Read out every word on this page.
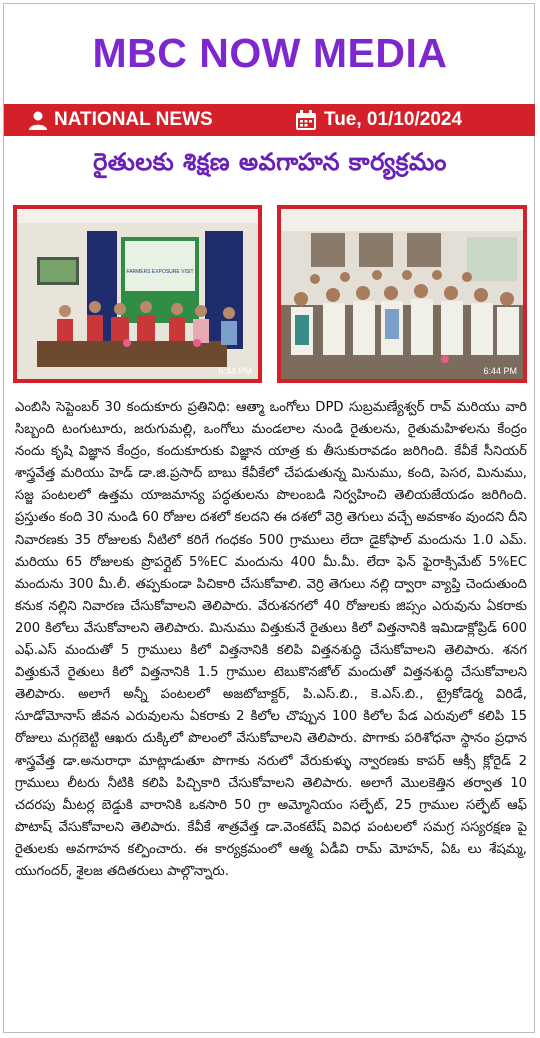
MBC NOW MEDIA
NATIONAL NEWS	Tue, 01/10/2024
రైతులకు శిక్షణ అవగాహన కార్యక్రమం
FARMERS EXPOSURE VISIT
6:44 PM	6:44 PM

ఎంబిసి సెప్టెంబర్ 30 కందుకూరు ప్రతినిధి: ఆత్మా ఒంగోలు DPD సుబ్రమణ్యేశ్వర్ రావ్ మరియు వారి సిబ్బంది టంగుటూరు, జరుగుమల్లి, ఒంగోలు మండలాల నుండి రైతులను, రైతుమహిళలను కేంద్రం నందు కృషి విజ్ఞాన కేంద్రం, కందుకూరుకు విజ్ఞాన యాత్ర కు తీసుకురావడం జరిగింది. కేవీకే సీనియర్ శాస్త్రవేత్త మరియు హెడ్ డా.జి.ప్రసాద్ బాబు కేవీకేలో చేపడుతున్న మినుము, కంది, పెసర, మినుము, సజ్జ పంటలలో ఉత్తమ యాజమాన్య పద్ధతులను పొలంబడి నిర్వహించి తెలియజేయడం జరిగింది. ప్రస్తుతం కంది 30 నుండి 60 రోజుల దశలో కలదని ఈ దశలో వెర్రి తెగులు వచ్చే అవకాశం వుందని దీని నివారణకు 35 రోజులకు నీటిలో కరిగే గంధకం 500 గ్రాములు లేదా డైకోఫాల్ మందును 1.0 ఎమ్. మరియు 65 రోజులకు ప్రొపర్గైట్ 5%EC మందును 400 మీ.మీ. లేదా ఫెన్ ఫైరాక్సిమేట్ 5%EC మందును 300 మీ.లీ. తప్పకుండా పిచికారి చేసుకోవాలి. వెర్రి తెగులు నల్లి ద్వారా వ్యాప్తి చెందుతుంది కనుక నల్లిని నివారణ చేసుకోవాలని తెలిపారు. వేరుశనగలో 40 రోజులకు జిప్సం ఎరువును ఏకరాకు 200 కిలోలు వేసుకోవాలని తెలిపారు. మినుము విత్తుకునే రైతులు కిలో విత్తనానికి ఇమిడాక్లోప్రిడ్ 600 ఎఫ్.ఎస్ మందుతో 5 గ్రాములు కిలో విత్తనానికి కలిపి విత్తనశుద్ధి చేసుకోవాలని తెలిపారు. శనగ విత్తుకునే రైతులు కిలో విత్తనానికి 1.5 గ్రాముల టెబుకొనజోల్ మందుతో విత్తనశుద్ధి చేసుకోవాలని తెలిపారు. అలాగే అన్నీ పంటలలో అజటోబాక్టర్, పి.ఎస్.బి., కె.ఎస్.బి., ట్రైకోడెర్మ విరిడే, సూడోమోనాస్ జీవన ఎరువులను ఏకరాకు 2 కిలోల చొప్పున 100 కిలోల పేడ ఎరువులో కలిపి 15 రోజులు మగ్గబెట్టి ఆఖరు దుక్కిలో పొలంలో వేసుకోవాలని తెలిపారు. పొగాకు పరిశోధనా స్థానం ప్రధాన శాస్త్రవేత్త డా.అనురాధా మాట్లాడుతూ పొగాకు నరులో వేరుకుళ్ళు న్వారణకు కాపర్ ఆక్సీ క్లోరైడ్ 2 గ్రాములు లీటరు నీటికి కలిపి పిచ్చికారి చేసుకోవాలని తెలిపారు. అలాగే మొలకెత్తిన తర్వాత 10 చదరపు మీటర్ల బెడ్డుకి వారానికి ఒకసారి 50 గ్రా అమ్మోనియం సల్ఫేట్, 25 గ్రాముల సల్ఫేట్ ఆఫ్ పొటాష్ వేసుకోవాలని తెలిపారు. కేవీకే శాత్రవేత్త డా.వెంకటేష్ వివిధ పంటలలో సమగ్ర సస్యరక్షణ పై రైతులకు అవగాహన కల్పించారు. ఈ కార్యక్రమంలో ఆత్మ ఏడీవి రామ్ మోహన్, ఏఓ లు శేషమ్మ, యుగందర్, శైలజ తదితరులు పాల్గొన్నారు.
